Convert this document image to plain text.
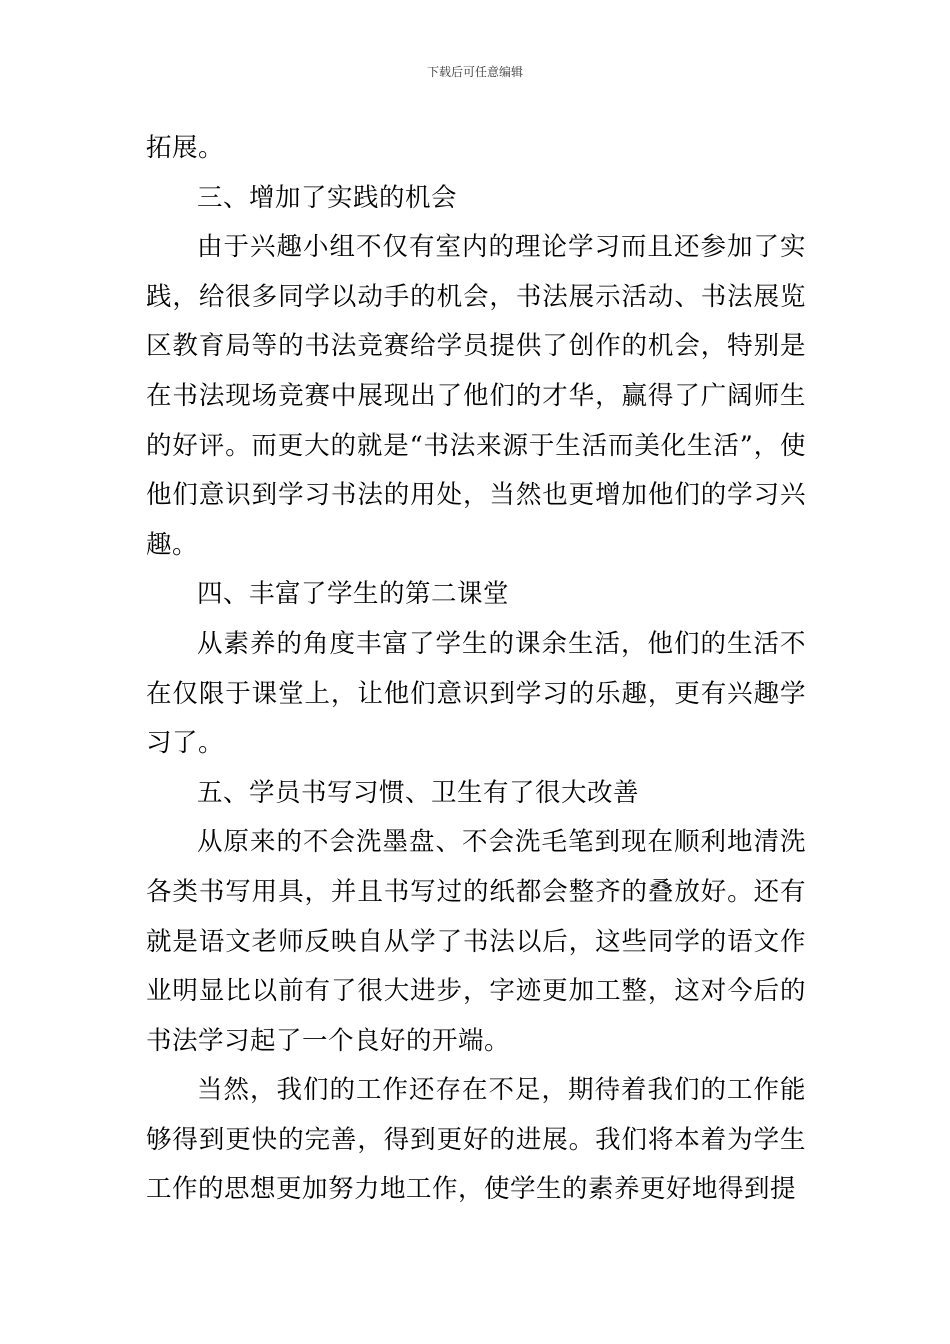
下载后可任意编辑

拓展。

三、增加了实践的机会

由于兴趣小组不仅有室内的理论学习而且还参加了实践，给很多同学以动手的机会，书法展示活动、书法展览区教育局等的书法竞赛给学员提供了创作的机会，特别是在书法现场竞赛中展现出了他们的才华，赢得了广阔师生的好评。而更大的就是“书法来源于生活而美化生活”，使他们意识到学习书法的用处，当然也更增加他们的学习兴趣。

四、丰富了学生的第二课堂

从素养的角度丰富了学生的课余生活，他们的生活不在仅限于课堂上，让他们意识到学习的乐趣，更有兴趣学习了。

五、学员书写习惯、卫生有了很大改善

从原来的不会洗墨盘、不会洗毛笔到现在顺利地清洗各类书写用具，并且书写过的纸都会整齐的叠放好。还有就是语文老师反映自从学了书法以后，这些同学的语文作业明显比以前有了很大进步，字迹更加工整，这对今后的书法学习起了一个良好的开端。

当然，我们的工作还存在不足，期待着我们的工作能够得到更快的完善，得到更好的进展。我们将本着为学生工作的思想更加努力地工作，使学生的素养更好地得到提
